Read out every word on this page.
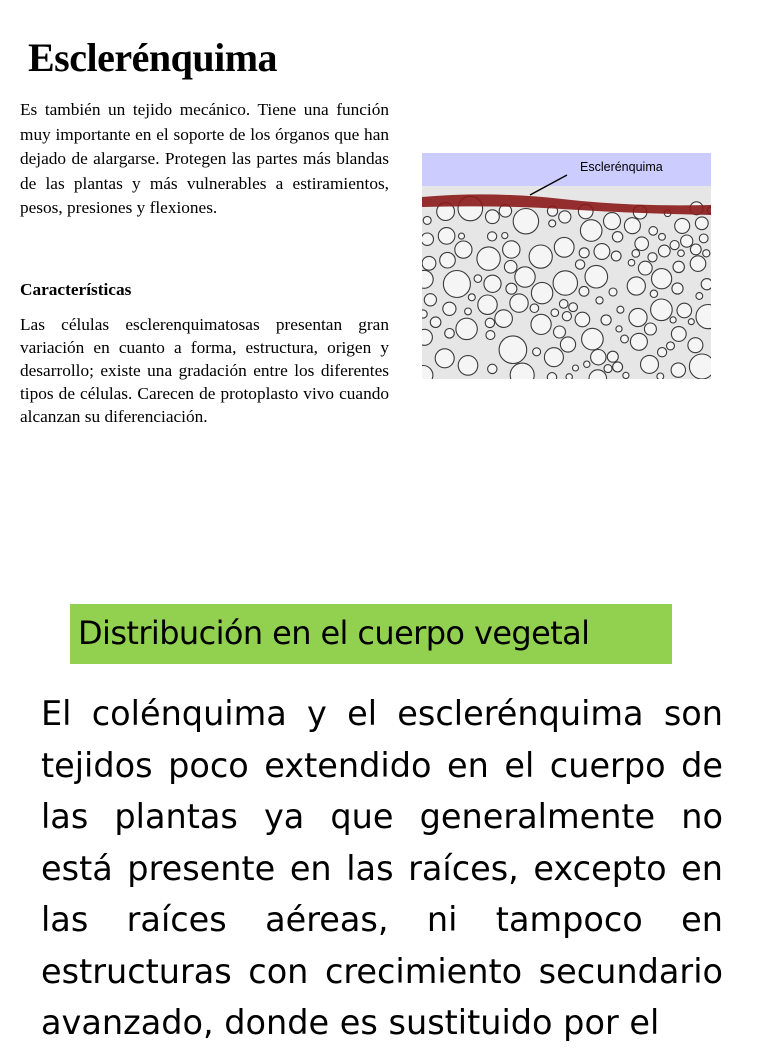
Esclerénquima

Es también un tejido mecánico. Tiene una función muy importante en el soporte de los órganos que han dejado de alargarse. Protegen las partes más blandas de las plantas y más vulnerables a estiramientos, pesos, presiones y flexiones.

Características

Las células esclerenquimatosas presentan gran variación en cuanto a forma, estructura, origen y desarrollo; existe una gradación entre los diferentes tipos de células. Carecen de protoplasto vivo cuando alcanzan su diferenciación.

Esclerénquima
Distribución en el cuerpo vegetal

El colénquima y el esclerénquima son tejidos poco extendido en el cuerpo de las plantas ya que generalmente no está presente en las raíces, excepto en las raíces aéreas, ni tampoco en estructuras con crecimiento secundario avanzado, donde es sustituido por el
